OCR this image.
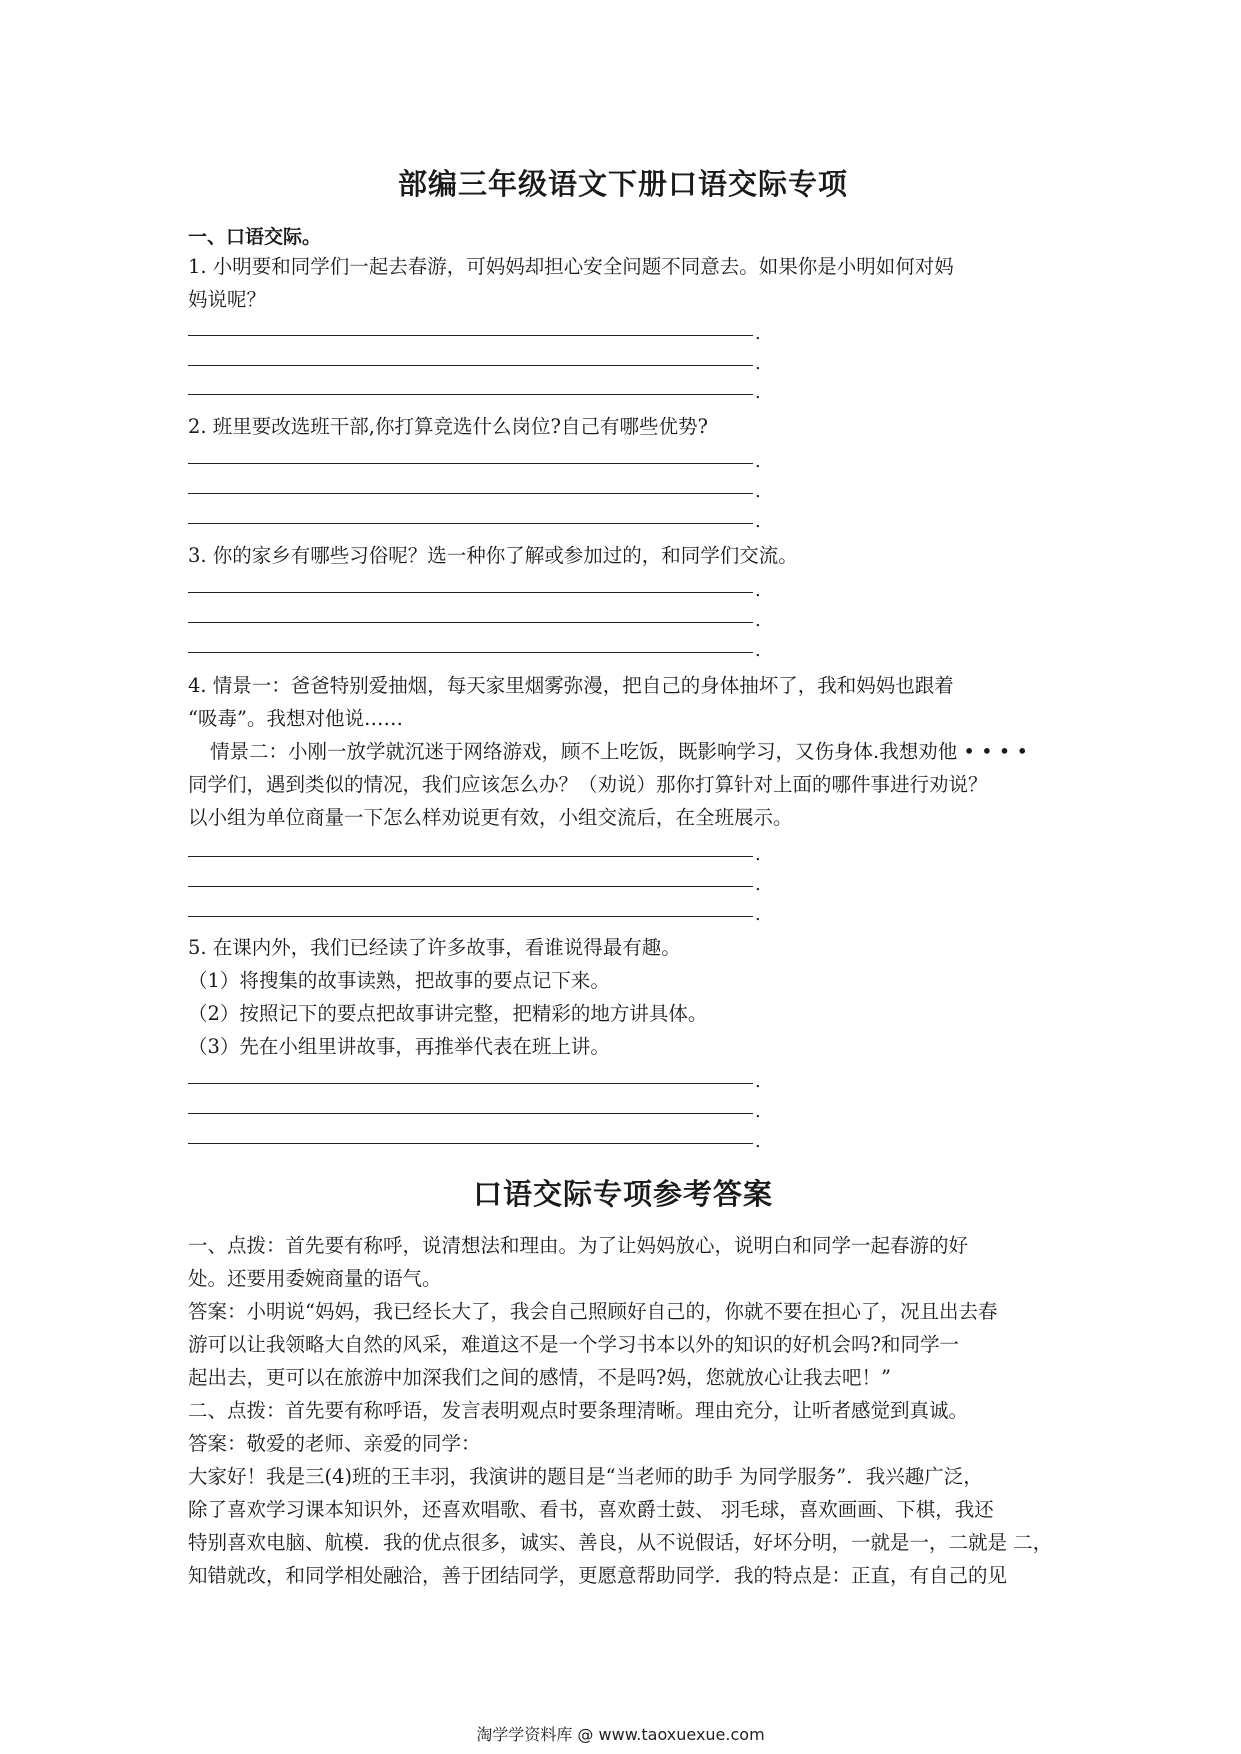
部编三年级语文下册口语交际专项
一、口语交际。
1. 小明要和同学们一起去春游，可妈妈却担心安全问题不同意去。如果你是小明如何对妈
妈说呢？
.
.
.
2. 班里要改选班干部,你打算竞选什么岗位?自己有哪些优势?
.
.
.
3. 你的家乡有哪些习俗呢？选一种你了解或参加过的，和同学们交流。
.
.
.
4. 情景一：爸爸特别爱抽烟，每天家里烟雾弥漫，把自己的身体抽坏了，我和妈妈也跟着
“吸毒”。我想对他说……
情景二：小刚一放学就沉迷于网络游戏，顾不上吃饭，既影响学习，又伤身体.我想劝他 • • • •
同学们，遇到类似的情况，我们应该怎么办？（劝说）那你打算针对上面的哪件事进行劝说？
以小组为单位商量一下怎么样劝说更有效，小组交流后，在全班展示。
.
.
.
5. 在课内外，我们已经读了许多故事，看谁说得最有趣。
（1）将搜集的故事读熟，把故事的要点记下来。
（2）按照记下的要点把故事讲完整，把精彩的地方讲具体。
（3）先在小组里讲故事，再推举代表在班上讲。
.
.
.
口语交际专项参考答案
一、点拨：首先要有称呼，说清想法和理由。为了让妈妈放心，说明白和同学一起春游的好
处。还要用委婉商量的语气。
答案：小明说“妈妈，我已经长大了，我会自己照顾好自己的，你就不要在担心了，况且出去春
游可以让我领略大自然的风采，难道这不是一个学习书本以外的知识的好机会吗?和同学一
起出去，更可以在旅游中加深我们之间的感情，不是吗?妈，您就放心让我去吧！”
二、点拨：首先要有称呼语，发言表明观点时要条理清晰。理由充分，让听者感觉到真诚。
答案：敬爱的老师、亲爱的同学：
大家好！我是三(4)班的王丰羽，我演讲的题目是“当老师的助手 为同学服务”．我兴趣广泛，
除了喜欢学习课本知识外，还喜欢唱歌、看书，喜欢爵士鼓、 羽毛球，喜欢画画、下棋，我还
特别喜欢电脑、航模．我的优点很多，诚实、善良，从不说假话，好坏分明，一就是一，二就是 二，
知错就改，和同学相处融洽，善于团结同学，更愿意帮助同学．我的特点是：正直，有自己的见
淘学学资料库 @ www.taoxuexue.com
